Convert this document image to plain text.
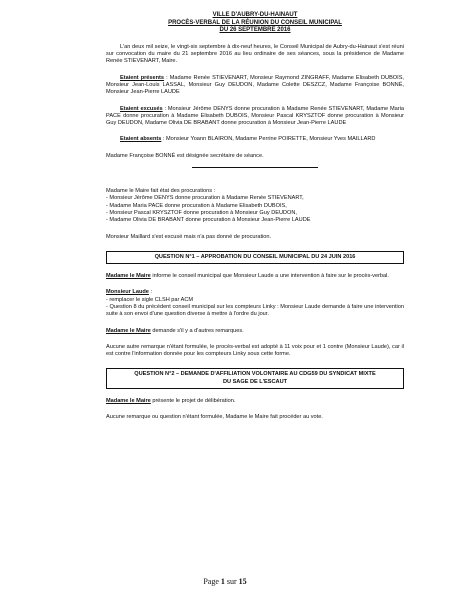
VILLE D'AUBRY-DU-HAINAUT
PROCÈS-VERBAL DE LA RÉUNION DU CONSEIL MUNICIPAL
DU 26 SEPTEMBRE 2016

L'an deux mil seize, le vingt-six septembre à dix-neuf heures, le Conseil Municipal de Aubry-du-Hainaut s'est réuni sur convocation du maire du 21 septembre 2016 au lieu ordinaire de ses séances, sous la présidence de Madame Renée STIEVENART, Maire.

Etaient présents : Madame Renée STIEVENART, Monsieur Raymond ZINGRAFF, Madame Elisabeth DUBOIS, Monsieur Jean-Louis LASSAL, Monsieur Guy DEUDON, Madame Colette DESZCZ, Madame Françoise BONNÉ, Monsieur Jean-Pierre LAUDE

Etaient excusés : Monsieur Jérôme DENYS donne procuration à Madame Renée STIEVENART, Madame Maria PACE donne procuration à Madame Elisabeth DUBOIS, Monsieur Pascal KRYSZTOF donne procuration à Monsieur Guy DEUDON, Madame Olivia DE BRABANT donne procuration à Monsieur Jean-Pierre LAUDE

Etaient absents : Monsieur Yoann BLAIRON, Madame Perrine POIRETTE, Monsieur Yves MAILLARD

Madame Françoise BONNÉ est désignée secrétaire de séance.

Madame le Maire fait état des procurations :

- Monsieur Jérôme DENYS donne procuration à Madame Renée STIEVENART,

- Madame Maria PACE donne procuration à Madame Elisabeth DUBOIS,

- Monsieur Pascal KRYSZTOF donne procuration à Monsieur Guy DEUDON,

- Madame Olivia DE BRABANT donne procuration à Monsieur Jean-Pierre LAUDE

Monsieur Maillard s'est excusé mais n'a pas donné de procuration.

QUESTION N°1 – APPROBATION DU CONSEIL MUNICIPAL DU 24 JUIN 2016

Madame le Maire informe le conseil municipal que Monsieur Laude a une intervention à faire sur le procès-verbal.

Monsieur Laude :

- remplacer le sigle CLSH par ACM

- Question 8 du précédent conseil municipal sur les compteurs Linky : Monsieur Laude demande à faire une intervention suite à son envoi d'une question diverse à mettre à l'ordre du jour.

Madame le Maire demande s'il y a d'autres remarques.

Aucune autre remarque n'étant formulée, le procès-verbal est adopté à 11 voix pour et 1 contre (Monsieur Laude), car il est contre l'information donnée pour les compteurs Linky sous cette forme.

QUESTION N°2 – DEMANDE D'AFFILIATION VOLONTAIRE AU CDG59 DU SYNDICAT MIXTE
DU SAGE DE L'ESCAUT

Madame le Maire présente le projet de délibération.

Aucune remarque ou question n'étant formulée, Madame le Maire fait procéder au vote.

Page 1 sur 15
